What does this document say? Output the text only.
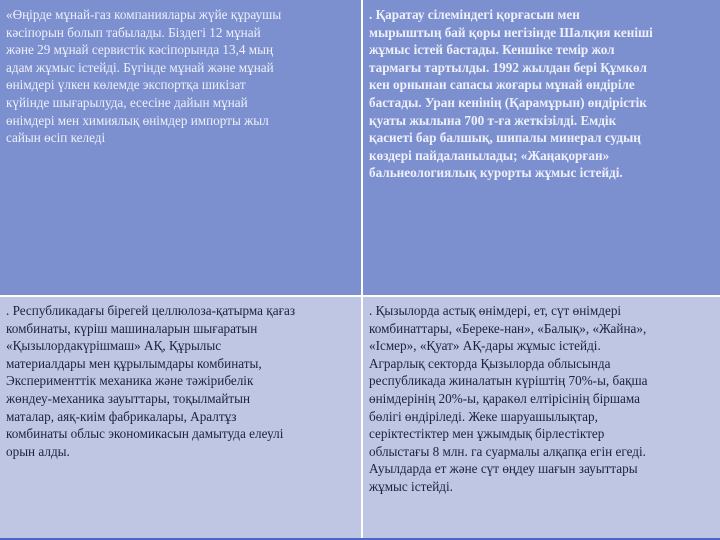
«Өңірде мұнай-газ компаниялары жүйе құраушы
кәсіпорын болып табылады. Біздегі 12 мұнай
және 29 мұнай сервистік кәсіпорында 13,4 мың
адам жұмыс істейді. Бүгінде мұнай және мұнай
өнімдері үлкен көлемде экспортқа шикізат
күйінде шығарылуда, есесіне дайын мұнай
өнімдері мен химиялық өнімдер импорты жыл
сайын өсіп келеді
. Қаратау сілеміндегі қорғасын мен
мырыштың бай қоры негізінде Шалқия кеніші
жұмыс істей бастады. Кеншіке темір жол
тармағы тартылды. 1992 жылдан бері Құмкөл
кен орнынан сапасы жоғары мұнай өндіріле
бастады. Уран кенінің (Қарамұрын) өндірістік
қуаты жылына 700 т-ға жеткізілді. Емдік
қасиеті бар балшық, шипалы минерал судың
көздері пайдаланылады; «Жаңақорған»
бальнеологиялық курорты жұмыс істейді.
. Республикадағы бірегей целлюлоза-қатырма қағаз
комбинаты, күріш машиналарын шығаратын
«Қызылордакүрішмаш» АҚ, Құрылыс
материалдары мен құрылымдары комбинаты,
Эксперименттік механика және тәжірибелік
жөндеу-механика зауыттары, тоқылмайтын
маталар, аяқ-киім фабрикалары, Аралтұз
комбинаты облыс экономикасын дамытуда елеулі
орын алды.
. Қызылорда астық өнімдері, ет, сүт өнімдері
комбинаттары, «Береке-нан», «Балық», «Жайна»,
«Ісмер», «Қуат» АҚ-дары жұмыс істейді.
Аграрлық секторда Қызылорда облысында
республикада жиналатын күріштің 70%-ы, бақша
өнімдерінің 20%-ы, қаракөл елтірісінің біршама
бөлігі өндіріледі. Жеке шаруашылықтар,
серіктестіктер мен ұжымдық бірлестіктер
облыстағы 8 млн. га суармалы алқапқа егін егеді.
Ауылдарда ет және сүт өңдеу шағын зауыттары
жұмыс істейді.
